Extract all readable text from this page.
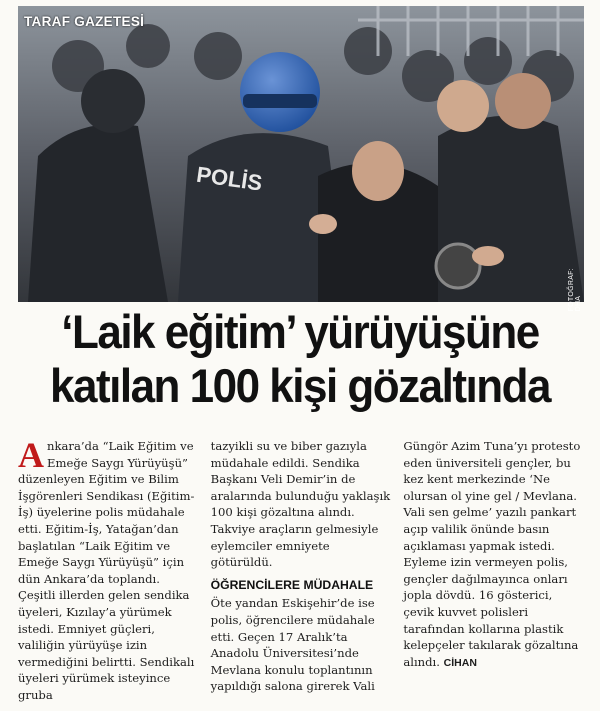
POLİS
TARAF GAZETESİ
FOTOĞRAF: DHA
‘Laik eğitim’ yürüyüşüne
katılan 100 kişi gözaltında

Ankara’da “Laik Eğitim ve Emeğe Saygı Yürüyüşü” düzenleyen Eğitim ve Bilim İşgörenleri Sendikası (Eğitim-İş) üyelerine polis müdahale etti. Eğitim-İş, Yatağan’dan başlatılan “Laik Eğitim ve Emeğe Saygı Yürüyüşü” için dün Ankara’da toplandı. Çeşitli illerden gelen sendika üyeleri, Kızılay’a yürümek istedi. Emniyet güçleri, valiliğin yürüyüşe izin vermediğini belirtti. Sendikalı üyeleri yürümek isteyince gruba

tazyikli su ve biber gazıyla müdahale edildi. Sendika Başkanı Veli Demir’in de aralarında bulunduğu yaklaşık 100 kişi gözaltına alındı. Takviye araçların gelmesiyle eylemciler emniyete götürüldü.

ÖĞRENCİLERE MÜDAHALE

Öte yandan Eskişehir’de ise polis, öğrencilere müdahale etti. Geçen 17 Aralık’ta Anadolu Üniversitesi’nde Mevlana konulu toplantının yapıldığı salona girerek Vali

Güngör Azim Tuna’yı protesto eden üniversiteli gençler, bu kez kent merkezinde ‘Ne olursan ol yine gel / Mevlana. Vali sen gelme’ yazılı pankart açıp valilik önünde basın açıklaması yapmak istedi. Eyleme izin vermeyen polis, gençler dağılmayınca onları jopla dövdü. 16 gösterici, çevik kuvvet polisleri tarafından kollarına plastik kelepçeler takılarak gözaltına alındı. CİHAN
